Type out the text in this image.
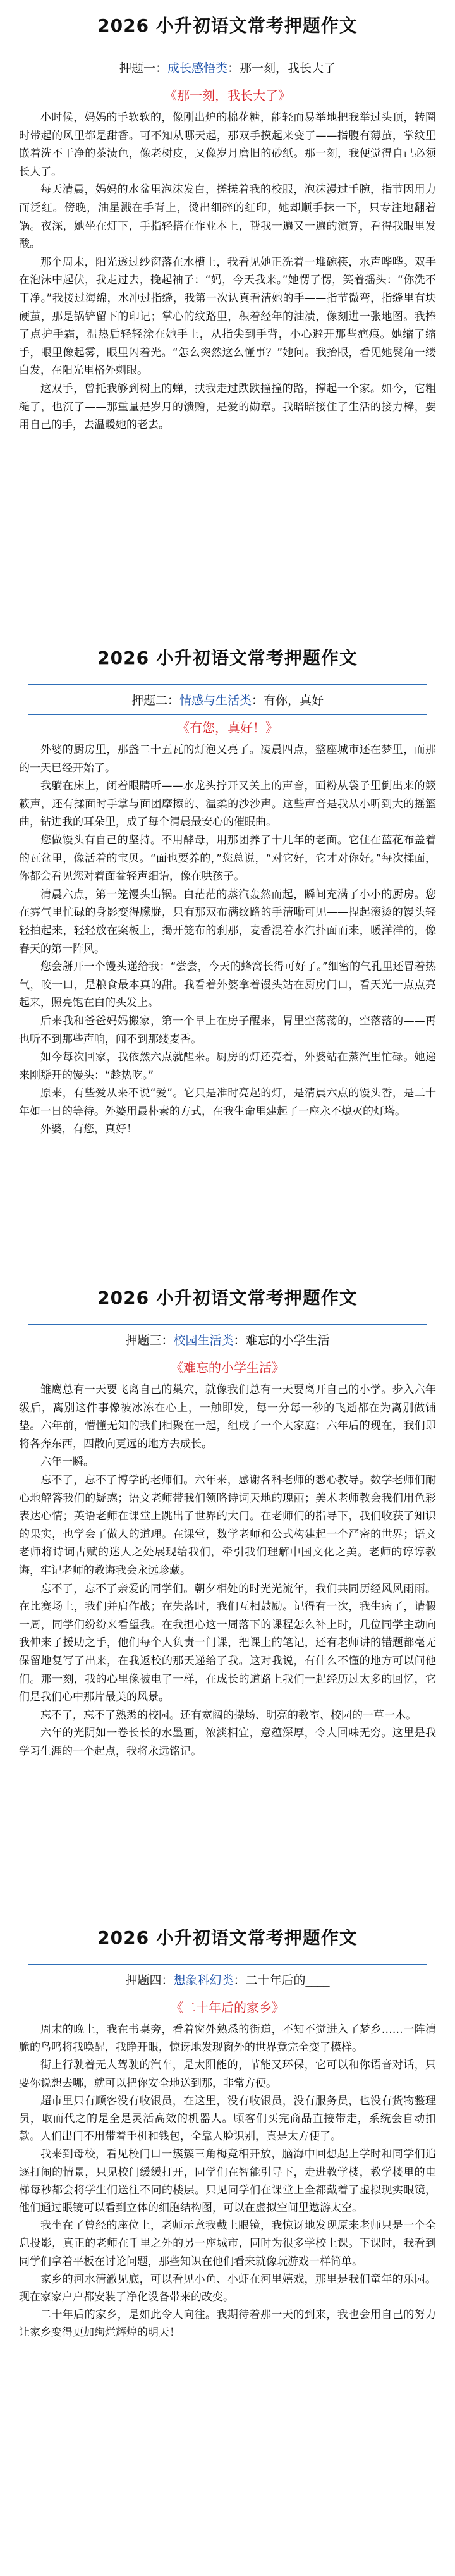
2026 小升初语文常考押题作文
押题一： 成长感悟类 ： 那一刻，我长大了
《那一刻，我长大了》

小时候，妈妈的手软软的，像刚出炉的棉花糖，能轻而易举地把我举过头顶，转圈时带起的风里都是甜香。可不知从哪天起，那双手摸起来变了——指腹有薄茧，掌纹里嵌着洗不干净的茶渍色，像老树皮，又像岁月磨旧的砂纸。那一刻，我便觉得自己必须长大了。

每天清晨，妈妈的水盆里泡沫发白，搓搓着我的校服，泡沫漫过手腕，指节因用力而泛红。傍晚，油星溅在手背上，烫出细碎的红印，她却顺手抹一下，只专注地翻着锅。夜深，她坐在灯下，手指轻搭在作业本上，帮我一遍又一遍的演算，看得我眼里发酸。

那个周末，阳光透过纱窗落在水槽上，我看见她正洗着一堆碗筷，水声哗哗。双手在泡沫中起伏，我走过去，挽起袖子：“妈，今天我来。”她愣了愣，笑着摇头：“你洗不干净。”我接过海绵，水冲过指缝，我第一次认真看清她的手——指节微弯，指缝里有块硬茧，那是锅铲留下的印记；掌心的纹路里，积着经年的油渍，像刻进一张地图。我捧了点护手霜，温热后轻轻涂在她手上，从指尖到手背，小心避开那些疤痕。她缩了缩手，眼里像起雾，眼里闪着光。“怎么突然这么懂事？”她问。我抬眼，看见她鬓角一缕白发，在阳光里格外刺眼。

这双手，曾托我够到树上的蝉，扶我走过跌跌撞撞的路，撑起一个家。如今，它粗糙了，也沉了——那重量是岁月的馈赠，是爱的勋章。我暗暗接住了生活的接力棒，要用自己的手，去温暖她的老去。

2026 小升初语文常考押题作文
押题二： 情感与生活类 ： 有你，真好
《有您，真好！》

外婆的厨房里，那盏二十五瓦的灯泡又亮了。凌晨四点，整座城市还在梦里，而那的一天已经开始了。

我躺在床上，闭着眼睛听——水龙头拧开又关上的声音，面粉从袋子里倒出来的簌簌声，还有揉面时手掌与面团摩擦的、温柔的沙沙声。这些声音是我从小听到大的摇篮曲，钻进我的耳朵里，成了每个清晨最安心的催眠曲。

您做馒头有自己的坚持。不用酵母，用那团养了十几年的老面。它住在蓝花布盖着的瓦盆里，像活着的宝贝。“面也要养的，”您总说，“对它好，它才对你好。”每次揉面，你都会看见您对着面盆轻声细语，像在哄孩子。

清晨六点，第一笼馒头出锅。白茫茫的蒸汽轰然而起，瞬间充满了小小的厨房。您在雾气里忙碌的身影变得朦胧，只有那双布满纹路的手清晰可见——捏起滚烫的馒头轻轻拍起来，轻轻放在案板上，揭开笼布的刹那，麦香混着水汽扑面而来，暖洋洋的，像春天的第一阵风。

您会掰开一个馒头递给我：“尝尝，今天的蜂窝长得可好了。”细密的气孔里还冒着热气，咬一口，是粮食最本真的甜。我看着外婆拿着馒头站在厨房门口，看天光一点点亮起来，照亮饱在白的头发上。

后来我和爸爸妈妈搬家，第一个早上在房子醒来，胃里空荡荡的，空落落的——再也听不到那些声响，闻不到那缕麦香。

如今每次回家，我依然六点就醒来。厨房的灯还亮着，外婆站在蒸汽里忙碌。她递来刚掰开的馒头：“趁热吃。”

原来，有些爱从来不说“爱”。它只是准时亮起的灯，是清晨六点的馒头香，是二十年如一日的等待。外婆用最朴素的方式，在我生命里建起了一座永不熄灭的灯塔。

外婆，有您，真好！

2026 小升初语文常考押题作文
押题三： 校园生活类 ： 难忘的小学生活
《难忘的小学生活》

雏鹰总有一天要飞离自己的巢穴，就像我们总有一天要离开自己的小学。步入六年级后，离别这件事像被冰冻在心上，一触即发，每一分每一秒的飞逝都在为离别做铺垫。六年前，懵懂无知的我们相聚在一起，组成了一个大家庭；六年后的现在，我们即将各奔东西，四散向更远的地方去成长。

六年一瞬。

忘不了，忘不了博学的老师们。六年来，感谢各科老师的悉心教导。数学老师们耐心地解答我们的疑惑；语文老师带我们领略诗词天地的瑰丽；美术老师教会我们用色彩表达心情；英语老师在课堂上跳出了世界的大门。在老师们的指导下，我们收获了知识的果实，也学会了做人的道理。在课堂，数学老师和公式构建起一个严密的世界；语文老师将诗词古赋的迷人之处展现给我们，牵引我们理解中国文化之美。老师的谆谆教诲，牢记老师的教诲我会永远珍藏。

忘不了，忘不了亲爱的同学们。朝夕相处的时光光流年，我们共同历经风风雨雨。在比赛场上，我们并肩作战；在失落时，我们互相鼓励。记得有一次，我生病了，请假一周，同学们纷纷来看望我。在我担心这一周落下的课程怎么补上时，几位同学主动向我伸来了援助之手，他们每个人负责一门课，把课上的笔记，还有老师讲的错题都毫无保留地复写了出来，在我返校的那天递给了我。这对我说，有什么不懂的地方可以问他们。那一刻，我的心里像被电了一样，在成长的道路上我们一起经历过太多的回忆，它们是我们心中那片最美的风景。

忘不了，忘不了熟悉的校园。还有宽阔的操场、明亮的教室、校园的一草一木。

六年的光阴如一卷长长的水墨画，浓淡相宜，意蕴深厚，令人回味无穷。这里是我学习生涯的一个起点，我将永远铭记。

2026 小升初语文常考押题作文
押题四： 想象科幻类 ： 二十年后的____
《二十年后的家乡》

周末的晚上，我在书桌旁，看着窗外熟悉的街道，不知不觉进入了梦乡……一阵清脆的鸟鸣将我唤醒，我睁开眼，惊讶地发现窗外的世界竟完全变了模样。

街上行驶着无人驾驶的汽车，是太阳能的，节能又环保，它可以和你语音对话，只要你说想去哪，就可以把你安全地送到那，非常方便。

超市里只有顾客没有收银员，在这里，没有收银员，没有服务员，也没有货物整理员，取而代之的是全是灵活高效的机器人。顾客们买完商品直接带走，系统会自动扣款。人们出门不用带着手机和钱包，全靠人脸识别，真是太方便了。

我来到母校，看见校门口一簇簇三角梅竞相开放，脑海中回想起上学时和同学们追逐打闹的情景，只见校门缓缓打开，同学们在智能引导下，走进教学楼，教学楼里的电梯每秒都会将学生们送往不同的楼层。只见同学们在课堂上全都戴着了虚拟现实眼镜，他们通过眼镜可以看到立体的细胞结构图，可以在虚拟空间里遨游太空。

我坐在了曾经的座位上，老师示意我戴上眼镜，我惊讶地发现原来老师只是一个全息投影，真正的老师在千里之外的另一座城市，同时为很多学校上课。下课时，我看到同学们拿着平板在讨论问题，那些知识在他们看来就像玩游戏一样简单。

家乡的河水清澈见底，可以看见小鱼、小虾在河里嬉戏，那里是我们童年的乐园。现在家家户户都安装了净化设备带来的改变。

二十年后的家乡，是如此令人向往。我期待着那一天的到来，我也会用自己的努力让家乡变得更加绚烂辉煌的明天！
